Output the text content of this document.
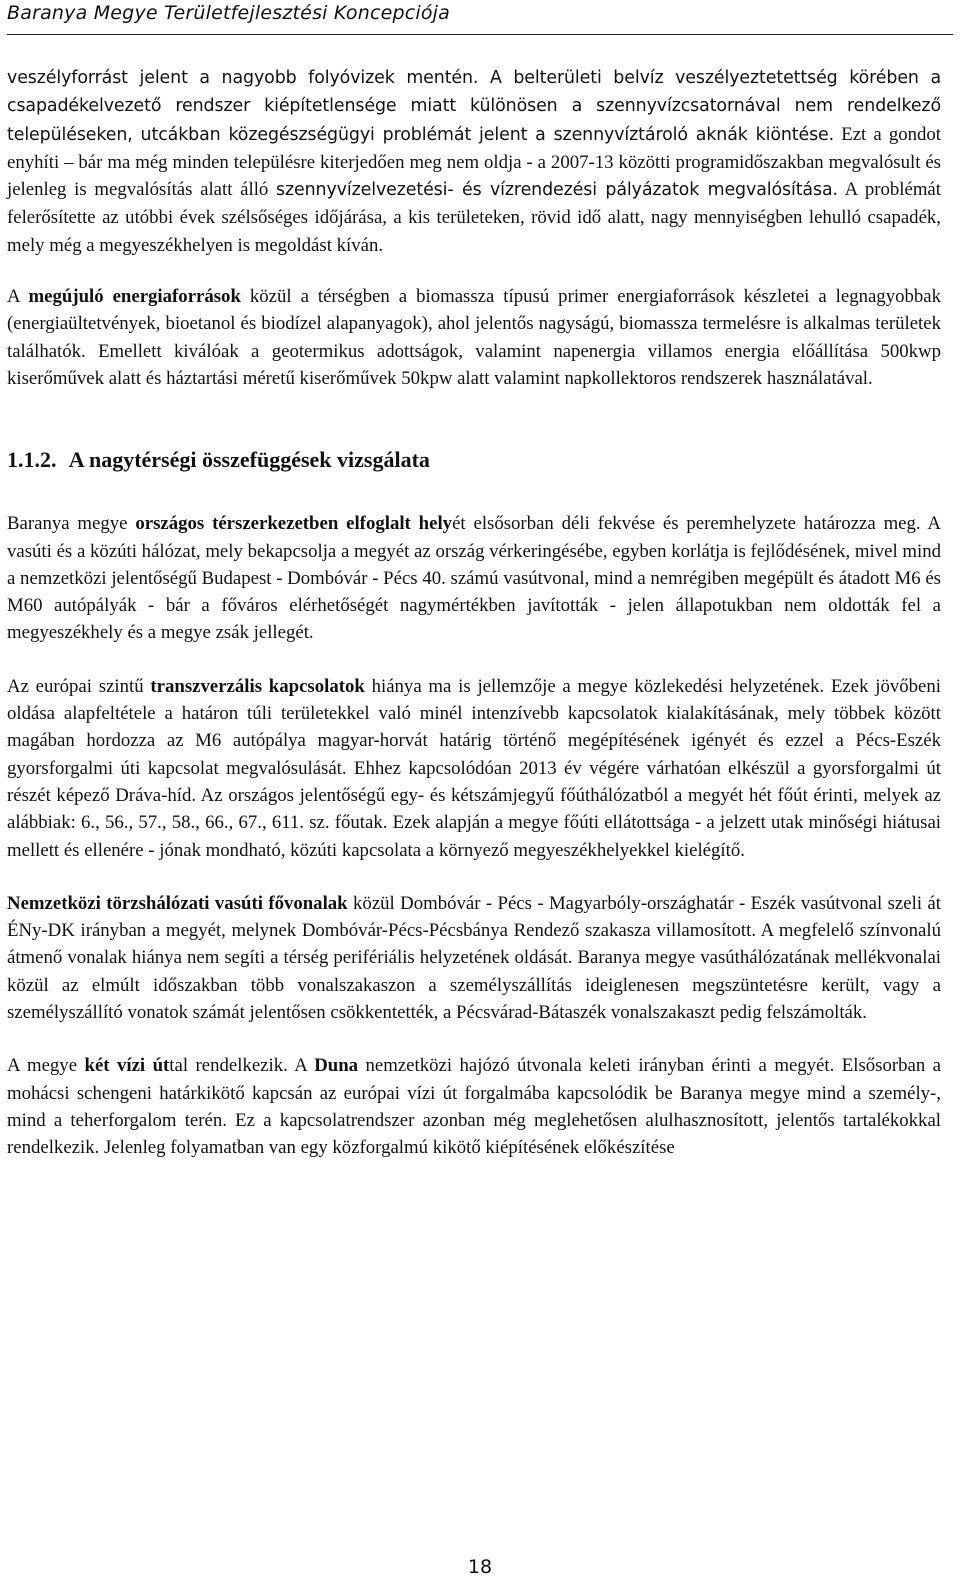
Baranya Megye Területfejlesztési Koncepciója

veszélyforrást jelent a nagyobb folyóvizek mentén. A belterületi belvíz veszélyeztetettség körében a csapadékelvezető rendszer kiépítetlensége miatt különösen a szennyvízcsatornával nem rendelkező településeken, utcákban közegészségügyi problémát jelent a szennyvíztároló aknák kiöntése. Ezt a gondot enyhíti – bár ma még minden településre kiterjedően meg nem oldja - a 2007-13 közötti programidőszakban megvalósult és jelenleg is megvalósítás alatt álló szennyvízelvezetési- és vízrendezési pályázatok megvalósítása. A problémát felerősítette az utóbbi évek szélsőséges időjárása, a kis területeken, rövid idő alatt, nagy mennyiségben lehulló csapadék, mely még a megyeszékhelyen is megoldást kíván.

A megújuló energiaforrások közül a térségben a biomassza típusú primer energiaforrások készletei a legnagyobbak (energiaültetvények, bioetanol és biodízel alapanyagok), ahol jelentős nagyságú, biomassza termelésre is alkalmas területek találhatók. Emellett kiválóak a geotermikus adottságok, valamint napenergia villamos energia előállítása 500kwp kiserőművek alatt és háztartási méretű kiserőművek 50kpw alatt valamint napkollektoros rendszerek használatával.

1.1.2. A nagytérségi összefüggések vizsgálata

Baranya megye országos térszerkezetben elfoglalt helyét elsősorban déli fekvése és peremhelyzete határozza meg. A vasúti és a közúti hálózat, mely bekapcsolja a megyét az ország vérkeringésébe, egyben korlátja is fejlődésének, mivel mind a nemzetközi jelentőségű Budapest - Dombóvár - Pécs 40. számú vasútvonal, mind a nemrégiben megépült és átadott M6 és M60 autópályák - bár a főváros elérhetőségét nagymértékben javították - jelen állapotukban nem oldották fel a megyeszékhely és a megye zsák jellegét.

Az európai szintű transzverzális kapcsolatok hiánya ma is jellemzője a megye közlekedési helyzetének. Ezek jövőbeni oldása alapfeltétele a határon túli területekkel való minél intenzívebb kapcsolatok kialakításának, mely többek között magában hordozza az M6 autópálya magyar-horvát határig történő megépítésének igényét és ezzel a Pécs-Eszék gyorsforgalmi úti kapcsolat megvalósulását. Ehhez kapcsolódóan 2013 év végére várhatóan elkészül a gyorsforgalmi út részét képező Dráva-híd. Az országos jelentőségű egy- és kétszámjegyű főúthálózatból a megyét hét főút érinti, melyek az alábbiak: 6., 56., 57., 58., 66., 67., 611. sz. főutak. Ezek alapján a megye főúti ellátottsága - a jelzett utak minőségi hiátusai mellett és ellenére - jónak mondható, közúti kapcsolata a környező megyeszékhelyekkel kielégítő.

Nemzetközi törzshálózati vasúti fővonalak közül Dombóvár - Pécs - Magyarbóly-országhatár - Eszék vasútvonal szeli át ÉNy-DK irányban a megyét, melynek Dombóvár-Pécs-Pécsbánya Rendező szakasza villamosított. A megfelelő színvonalú átmenő vonalak hiánya nem segíti a térség perifériális helyzetének oldását. Baranya megye vasúthálózatának mellékvonalai közül az elmúlt időszakban több vonalszakaszon a személyszállítás ideiglenesen megszüntetésre került, vagy a személyszállító vonatok számát jelentősen csökkentették, a Pécsvárad-Bátaszék vonalszakaszt pedig felszámolták.

A megye két vízi úttal rendelkezik. A Duna nemzetközi hajózó útvonala keleti irányban érinti a megyét. Elsősorban a mohácsi schengeni határkikötő kapcsán az európai vízi út forgalmába kapcsolódik be Baranya megye mind a személy-, mind a teherforgalom terén. Ez a kapcsolatrendszer azonban még meglehetősen alulhasznosított, jelentős tartalékokkal rendelkezik. Jelenleg folyamatban van egy közforgalmú kikötő kiépítésének előkészítése

18
